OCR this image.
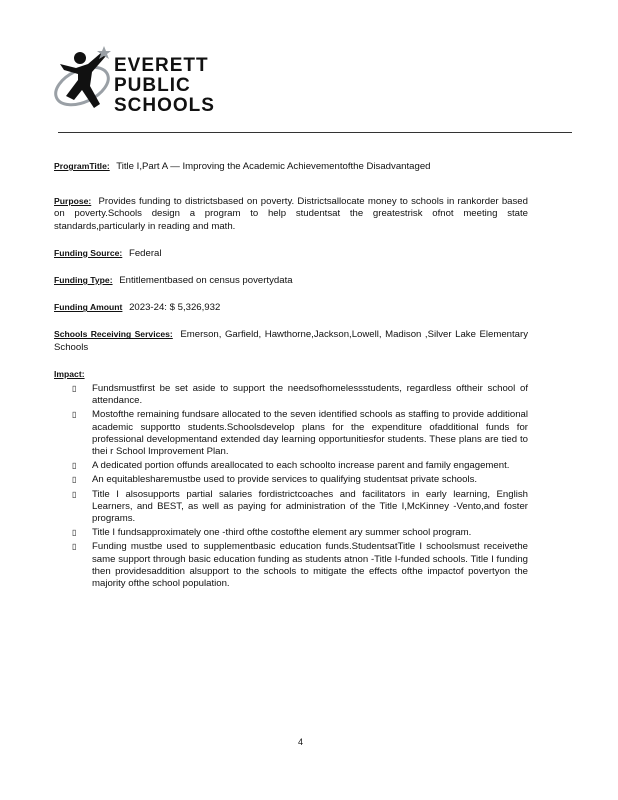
EVERETT
PUBLIC
SCHOOLS

ProgramTitle: Title I,Part A — Improving the Academic Achievementofthe Disadvantaged

Purpose: Provides funding to districtsbased on poverty. Districtsallocate money to schools in rankorder based on poverty.Schools design a program to help studentsat the greatestrisk ofnot meeting state standards,particularly in reading and math.

Funding Source: Federal

Funding Type: Entitlementbased on census povertydata

Funding Amount 2023-24: $ 5,326,932

Schools Receiving Services: Emerson, Garfield, Hawthorne,Jackson,Lowell, Madison ,Silver Lake Elementary Schools

Impact:

▯ Fundsmustfirst be set aside to support the needsofhomelessstudents, regardless oftheir school of attendance.
▯ Mostofthe remaining fundsare allocated to the seven identified schools as staffing to provide additional academic supportto students.Schoolsdevelop plans for the expenditure ofadditional funds for professional developmentand extended day learning opportunitiesfor students. These plans are tied to thei r School Improvement Plan.
▯ A dedicated portion offunds areallocated to each schoolto increase parent and family engagement.
▯ An equitablesharemustbe used to provide services to qualifying studentsat private schools.
▯ Title I alsosupports partial salaries fordistrictcoaches and facilitators in early learning, English Learners, and BEST, as well as paying for administration of the Title I,McKinney -Vento,and foster programs.
▯ Title I fundsapproximately one -third ofthe costofthe element ary summer school program.
▯ Funding mustbe used to supplementbasic education funds.StudentsatTitle I schoolsmust receivethe same support through basic education funding as students atnon -Title I-funded schools. Title I funding then providesaddition alsupport to the schools to mitigate the effects ofthe impactof povertyon the majority ofthe school population.
4
